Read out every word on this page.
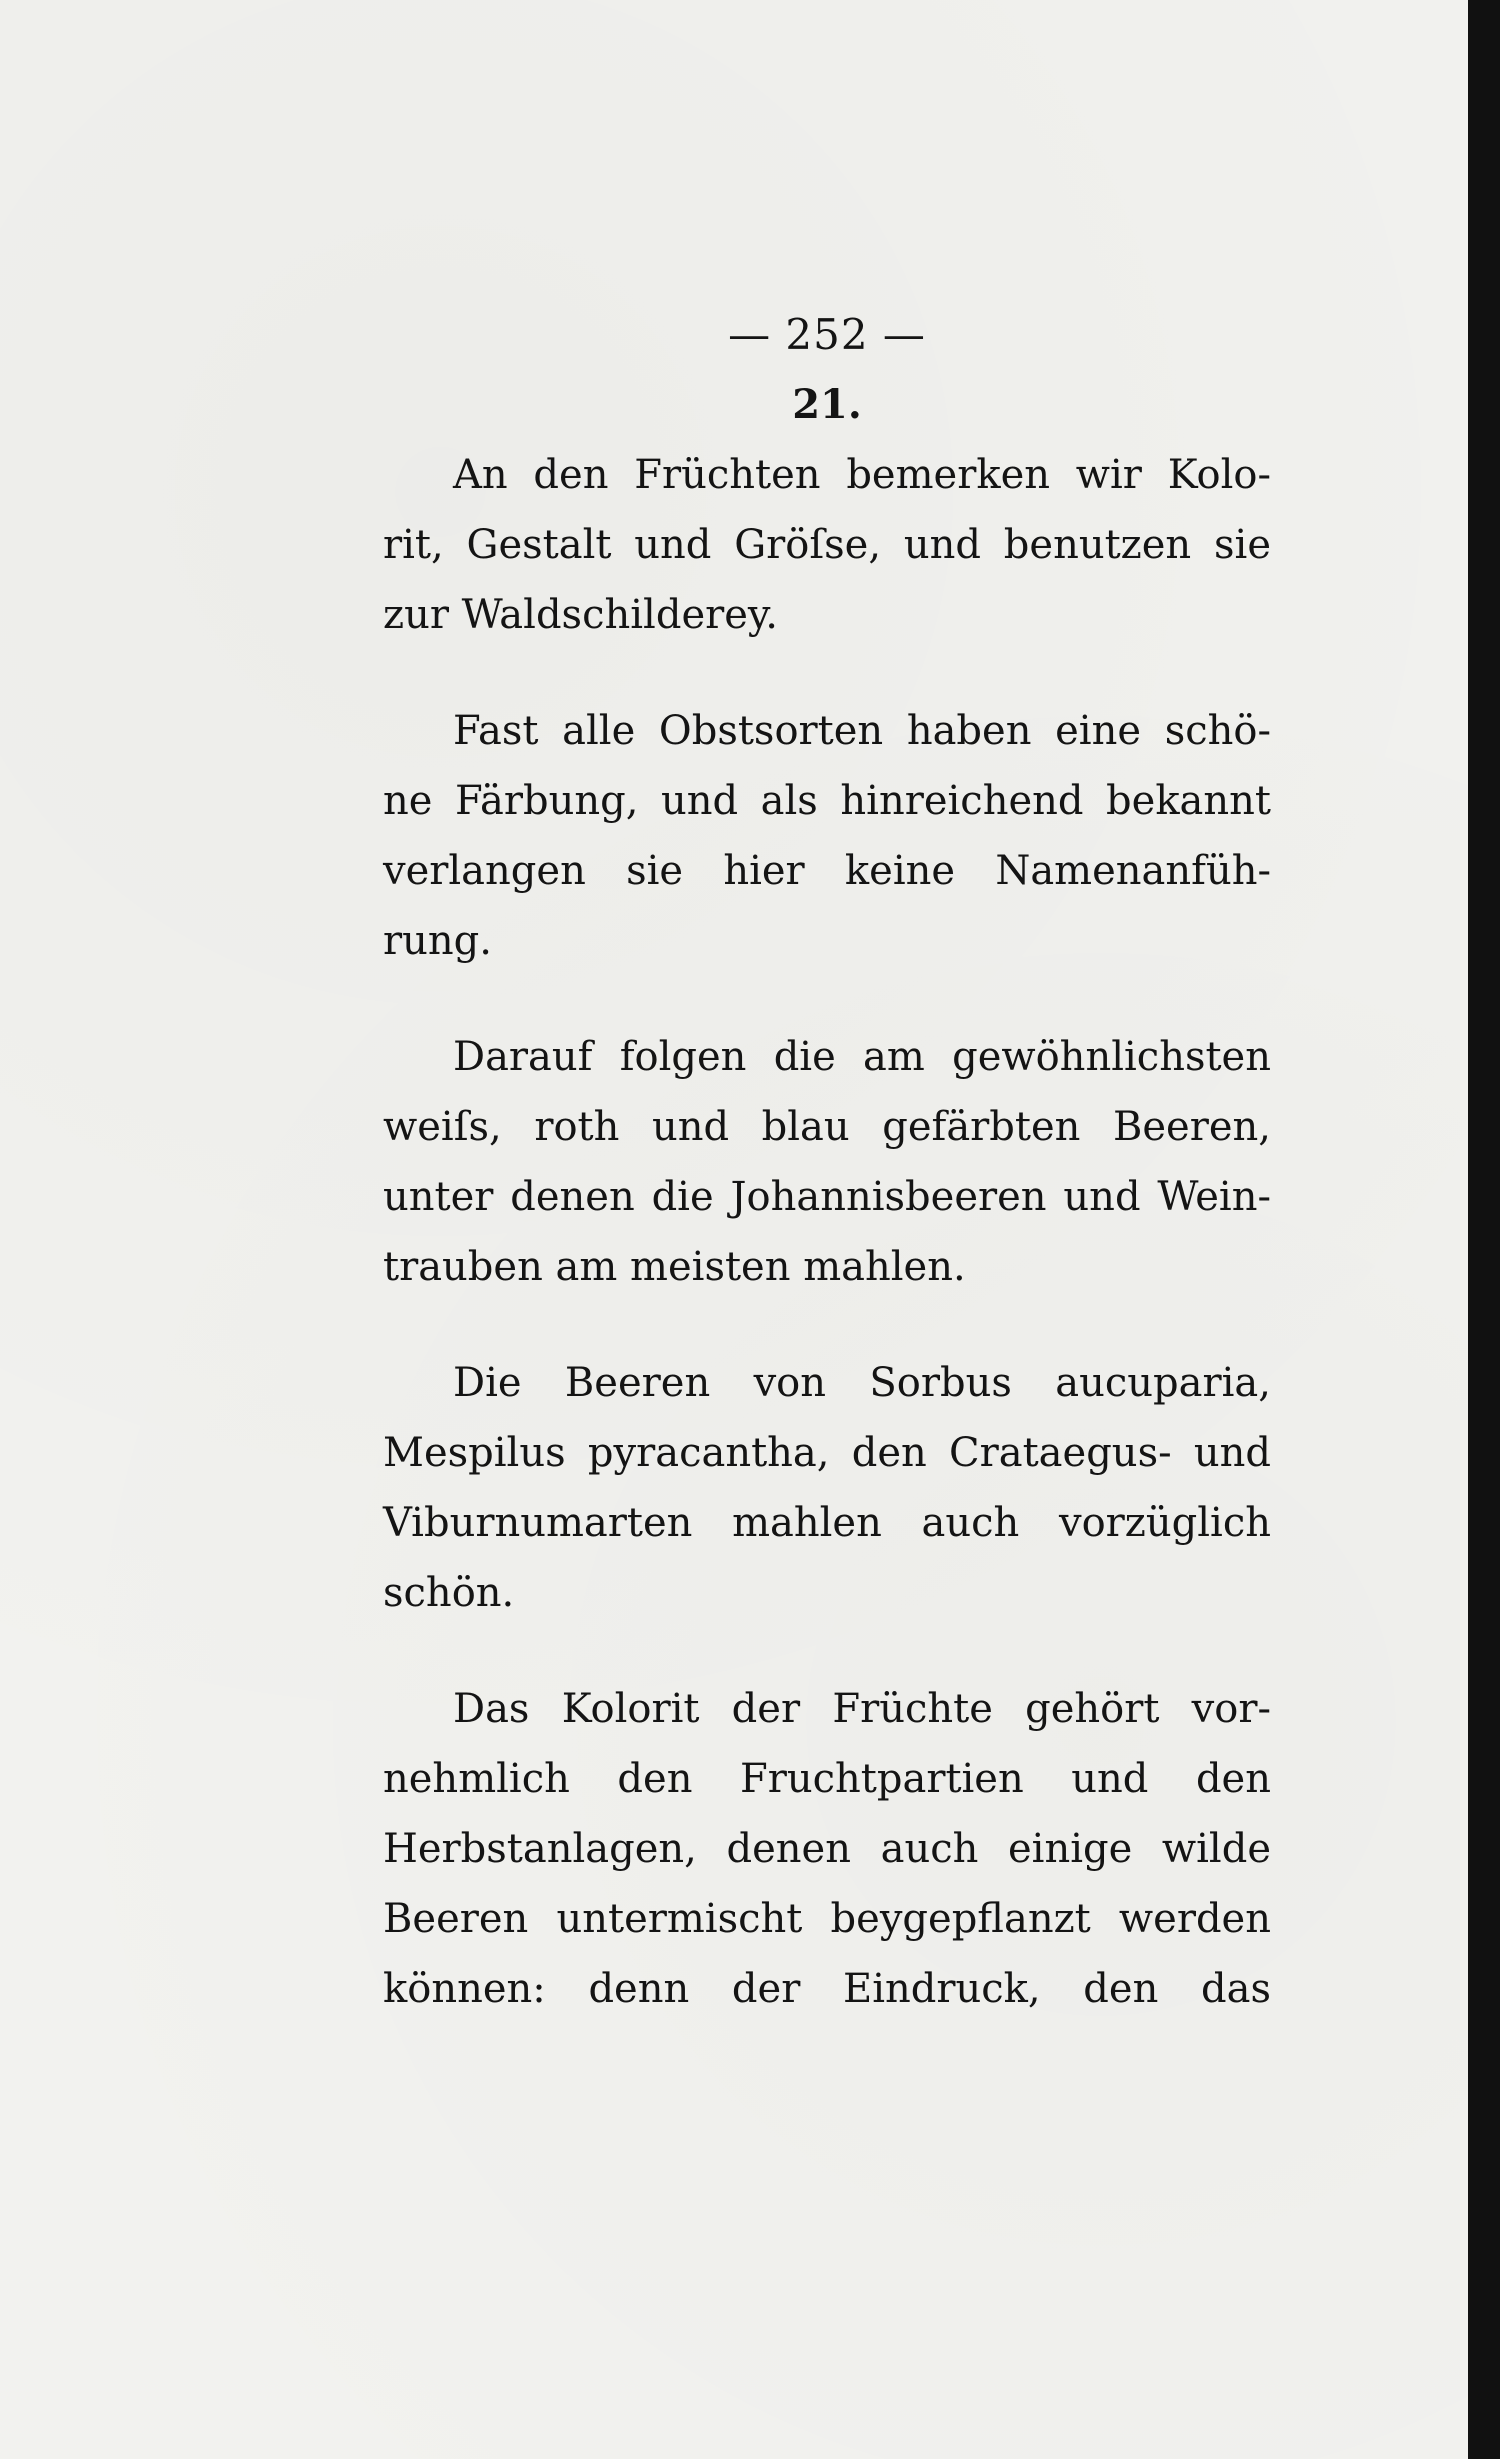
— 252 —
21.
An den Früchten bemerken wir Kolo-
rit, Gestalt und Gröſse, und benutzen sie
zur Waldschilderey.
Fast alle Obstsorten haben eine schö-
ne Färbung, und als hinreichend bekannt
verlangen sie hier keine Namenanfüh-
rung.
Darauf folgen die am gewöhnlichsten
weiſs, roth und blau gefärbten Beeren,
unter denen die Johannisbeeren und Wein-
trauben am meisten mahlen.
Die Beeren von Sorbus aucuparia,
Mespilus pyracantha, den Crataegus- und
Viburnumarten mahlen auch vorzüglich
schön.
Das Kolorit der Früchte gehört vor-
nehmlich den Fruchtpartien und den
Herbstanlagen, denen auch einige wilde
Beeren untermischt beygepflanzt werden
können: denn der Eindruck, den das
